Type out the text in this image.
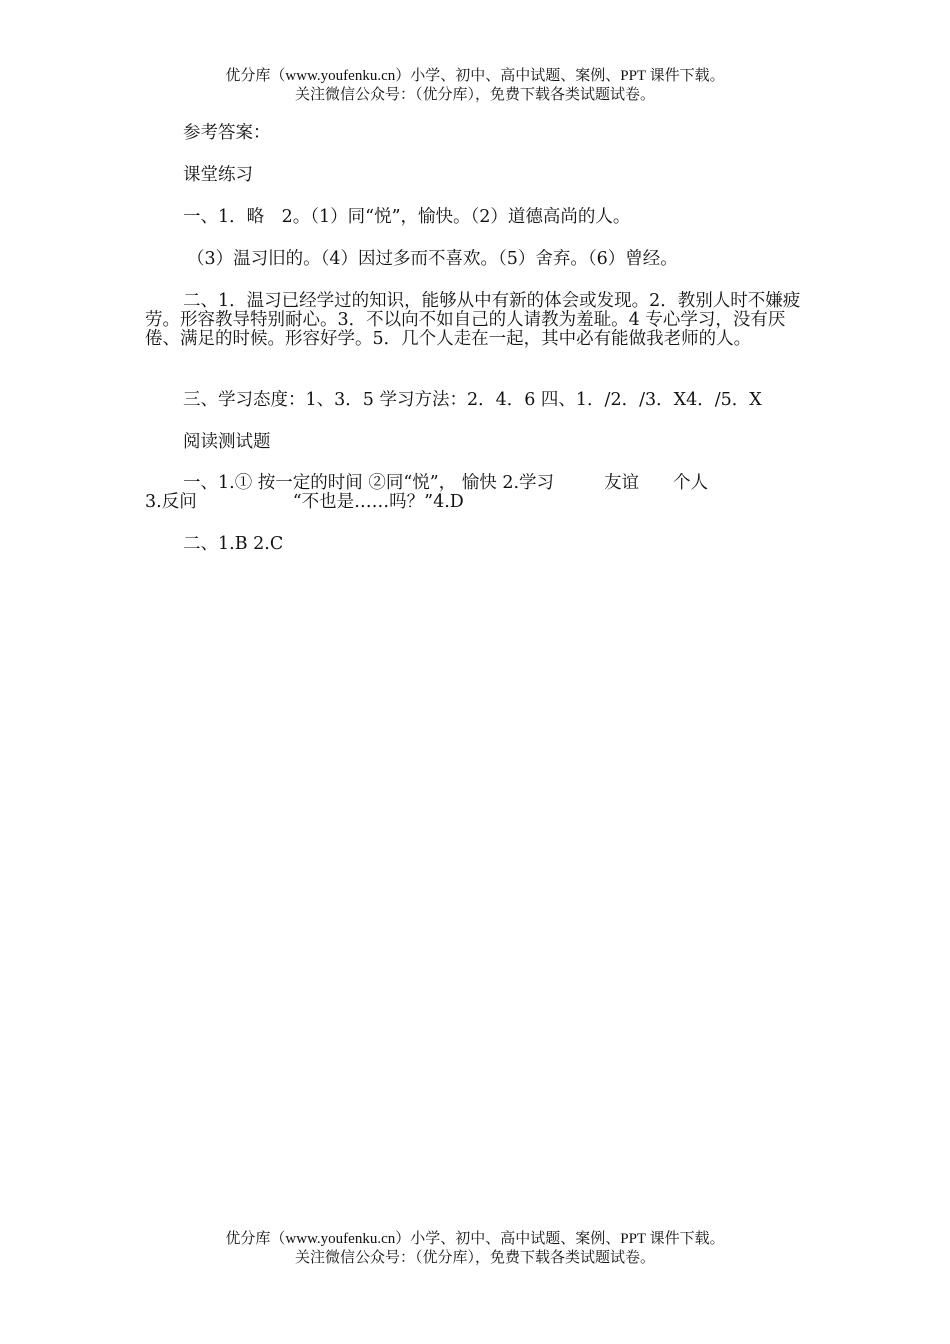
优分库（www.youfenku.cn）小学、初中、高中试题、案例、PPT 课件下载。
关注微信公众号：（优分库），免费下载各类试题试卷。
参考答案：
课堂练习
一、1．略　2。（1）同“悦”，愉快。（2）道德高尚的人。
（3）温习旧的。（4）因过多而不喜欢。（5）舍弃。（6）曾经。
二、1．温习已经学过的知识，能够从中有新的体会或发现。2．教别人时不嫌疲劳。形容教导特别耐心。3．不以向不如自己的人请教为羞耻。4 专心学习，没有厌倦、满足的时候。形容好学。5．几个人走在一起，其中必有能做我老师的人。
三、学习态度：1、3．5 学习方法：2．4．6 四、1．/2．/3．X4．/5．X
阅读测试题
一、1.① 按一定的时间 ②同“悦”， 愉快 2.学习	友谊 个人
3.反问	“不也是……吗？”4.D
二、1.B 2.C
优分库（www.youfenku.cn）小学、初中、高中试题、案例、PPT 课件下载。
关注微信公众号：（优分库），免费下载各类试题试卷。
